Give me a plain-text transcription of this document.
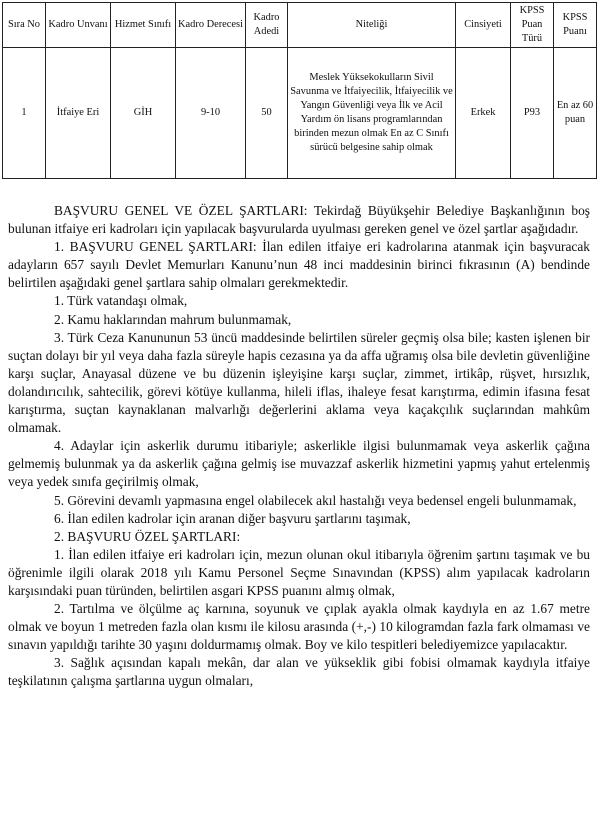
Sıra No	Kadro Unvanı	Hizmet Sınıfı	Kadro Derecesi	Kadro Adedi	Niteliği	Cinsiyeti	KPSS Puan Türü	KPSS Puanı
1	İtfaiye Eri	GİH	9-10	50	Meslek Yüksekokulların Sivil Savunma ve İtfaiyecilik, İtfaiyecilik ve Yangın Güvenliği veya İlk ve Acil Yardım ön lisans programlarından birinden mezun olmak En az C Sınıfı sürücü belgesine sahip olmak	Erkek	P93	En az 60 puan

BAŞVURU GENEL VE ÖZEL ŞARTLARI: Tekirdağ Büyükşehir Belediye Başkanlığının boş bulunan itfaiye eri kadroları için yapılacak başvurularda uyulması gereken genel ve özel şartlar aşağıdadır.

1. BAŞVURU GENEL ŞARTLARI: İlan edilen itfaiye eri kadrolarına atanmak için başvuracak adayların 657 sayılı Devlet Memurları Kanunu’nun 48 inci maddesinin birinci fıkrasının (A) bendinde belirtilen aşağıdaki genel şartlara sahip olmaları gerekmektedir.

1. Türk vatandaşı olmak,

2. Kamu haklarından mahrum bulunmamak,

3. Türk Ceza Kanununun 53 üncü maddesinde belirtilen süreler geçmiş olsa bile; kasten işlenen bir suçtan dolayı bir yıl veya daha fazla süreyle hapis cezasına ya da affa uğramış olsa bile devletin güvenliğine karşı suçlar, Anayasal düzene ve bu düzenin işleyişine karşı suçlar, zimmet, irtikâp, rüşvet, hırsızlık, dolandırıcılık, sahtecilik, görevi kötüye kullanma, hileli iflas, ihaleye fesat karıştırma, edimin ifasına fesat karıştırma, suçtan kaynaklanan malvarlığı değerlerini aklama veya kaçakçılık suçlarından mahkûm olmamak.

4. Adaylar için askerlik durumu itibariyle; askerlikle ilgisi bulunmamak veya askerlik çağına gelmemiş bulunmak ya da askerlik çağına gelmiş ise muvazzaf askerlik hizmetini yapmış yahut ertelenmiş veya yedek sınıfa geçirilmiş olmak,

5. Görevini devamlı yapmasına engel olabilecek akıl hastalığı veya bedensel engeli bulunmamak,

6. İlan edilen kadrolar için aranan diğer başvuru şartlarını taşımak,

2. BAŞVURU ÖZEL ŞARTLARI:

1. İlan edilen itfaiye eri kadroları için, mezun olunan okul itibarıyla öğrenim şartını taşımak ve bu öğrenimle ilgili olarak 2018 yılı Kamu Personel Seçme Sınavından (KPSS) alım yapılacak kadroların karşısındaki puan türünden, belirtilen asgari KPSS puanını almış olmak,

2. Tartılma ve ölçülme aç karnına, soyunuk ve çıplak ayakla olmak kaydıyla en az 1.67 metre olmak ve boyun 1 metreden fazla olan kısmı ile kilosu arasında (+,-) 10 kilogramdan fazla fark olmaması ve sınavın yapıldığı tarihte 30 yaşını doldurmamış olmak. Boy ve kilo tespitleri belediyemizce yapılacaktır.

3. Sağlık açısından kapalı mekân, dar alan ve yükseklik gibi fobisi olmamak kaydıyla itfaiye teşkilatının çalışma şartlarına uygun olmaları,
